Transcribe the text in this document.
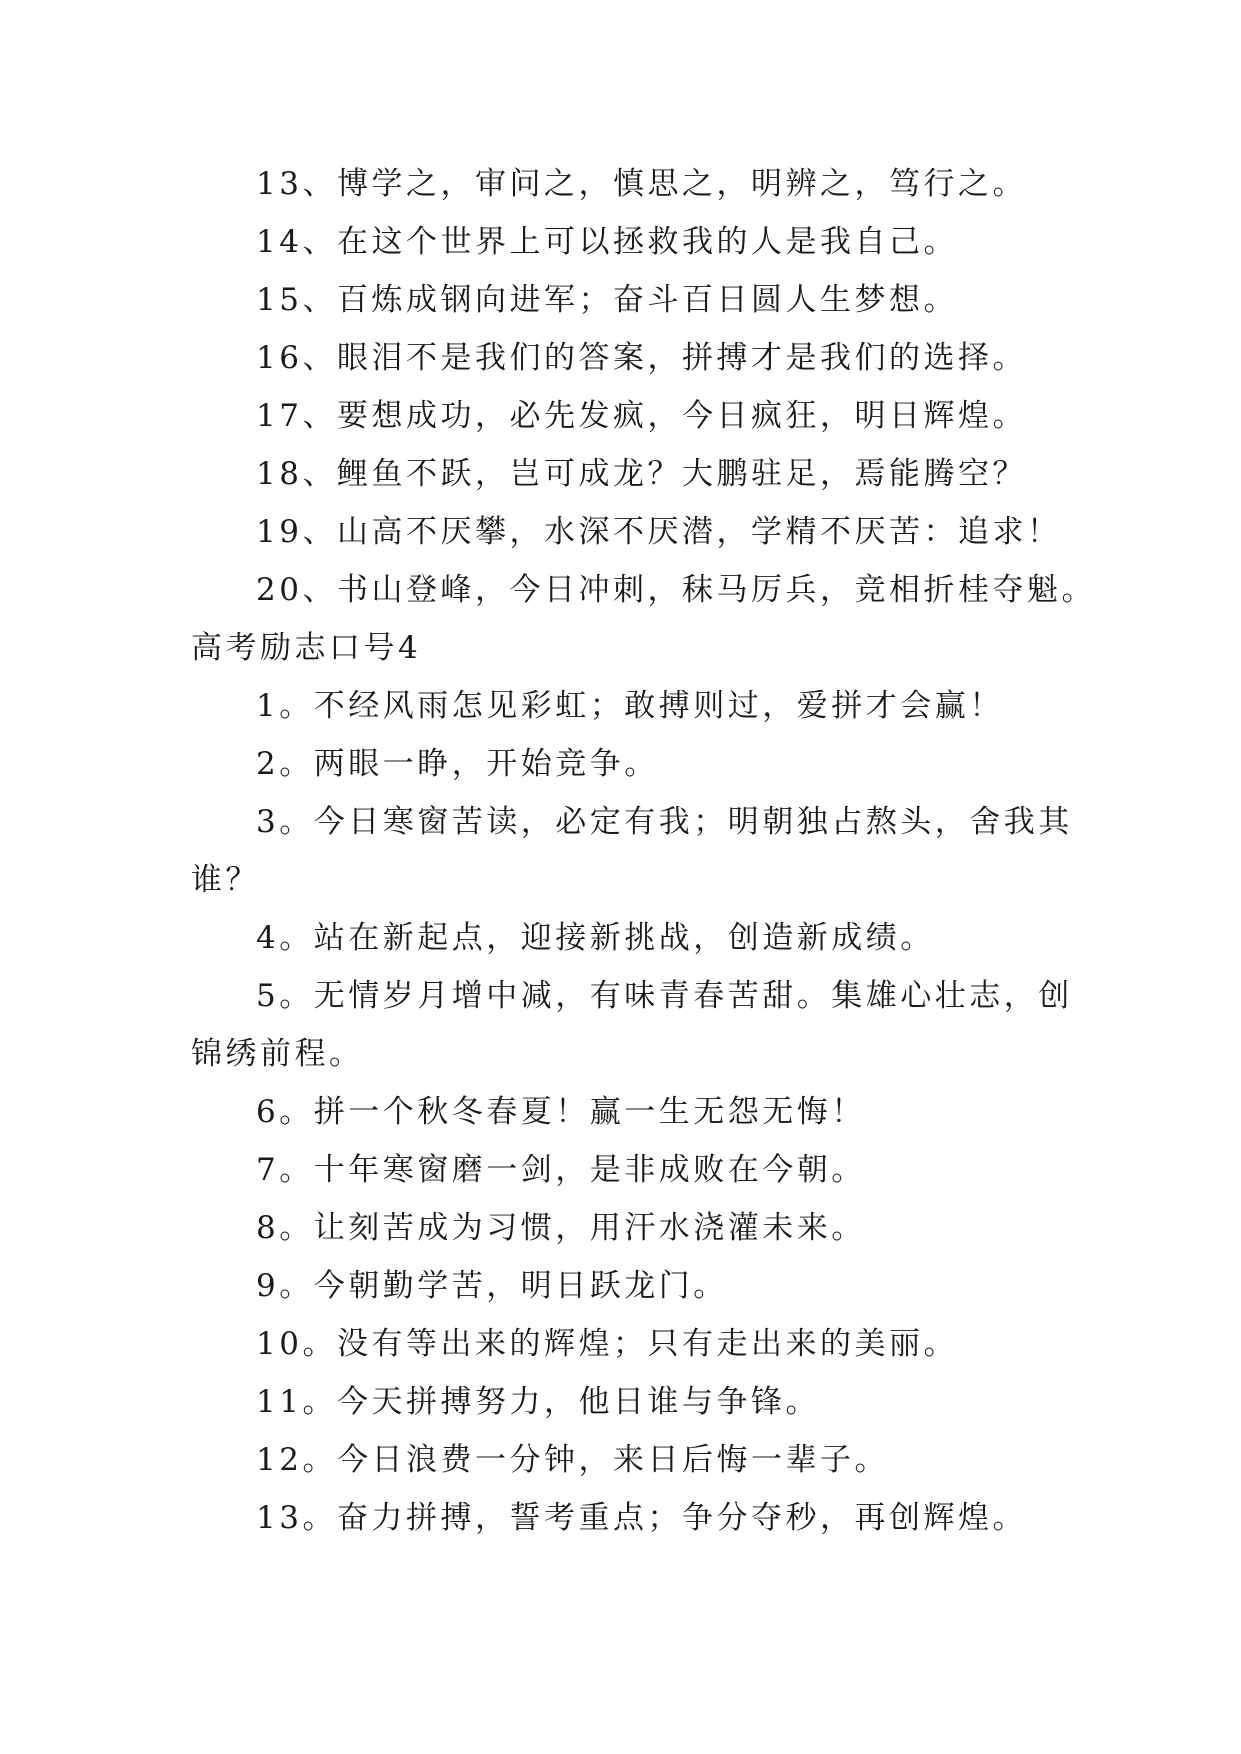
13、博学之，审问之，慎思之，明辨之，笃行之。
14、在这个世界上可以拯救我的人是我自己。
15、百炼成钢向进军；奋斗百日圆人生梦想。
16、眼泪不是我们的答案，拼搏才是我们的选择。
17、要想成功，必先发疯，今日疯狂，明日辉煌。
18、鲤鱼不跃，岂可成龙？大鹏驻足，焉能腾空？
19、山高不厌攀，水深不厌潜，学精不厌苦：追求！
20、书山登峰，今日冲刺，秣马厉兵，竞相折桂夺魁。
高考励志口号4
1。不经风雨怎见彩虹；敢搏则过，爱拼才会赢！
2。两眼一睁，开始竞争。
3。今日寒窗苦读，必定有我；明朝独占熬头，舍我其
谁？
4。站在新起点，迎接新挑战，创造新成绩。
5。无情岁月增中减，有味青春苦甜。集雄心壮志，创
锦绣前程。
6。拼一个秋冬春夏！赢一生无怨无悔！
7。十年寒窗磨一剑，是非成败在今朝。
8。让刻苦成为习惯，用汗水浇灌未来。
9。今朝勤学苦，明日跃龙门。
10。没有等出来的辉煌；只有走出来的美丽。
11。今天拼搏努力，他日谁与争锋。
12。今日浪费一分钟，来日后悔一辈子。
13。奋力拼搏，誓考重点；争分夺秒，再创辉煌。
